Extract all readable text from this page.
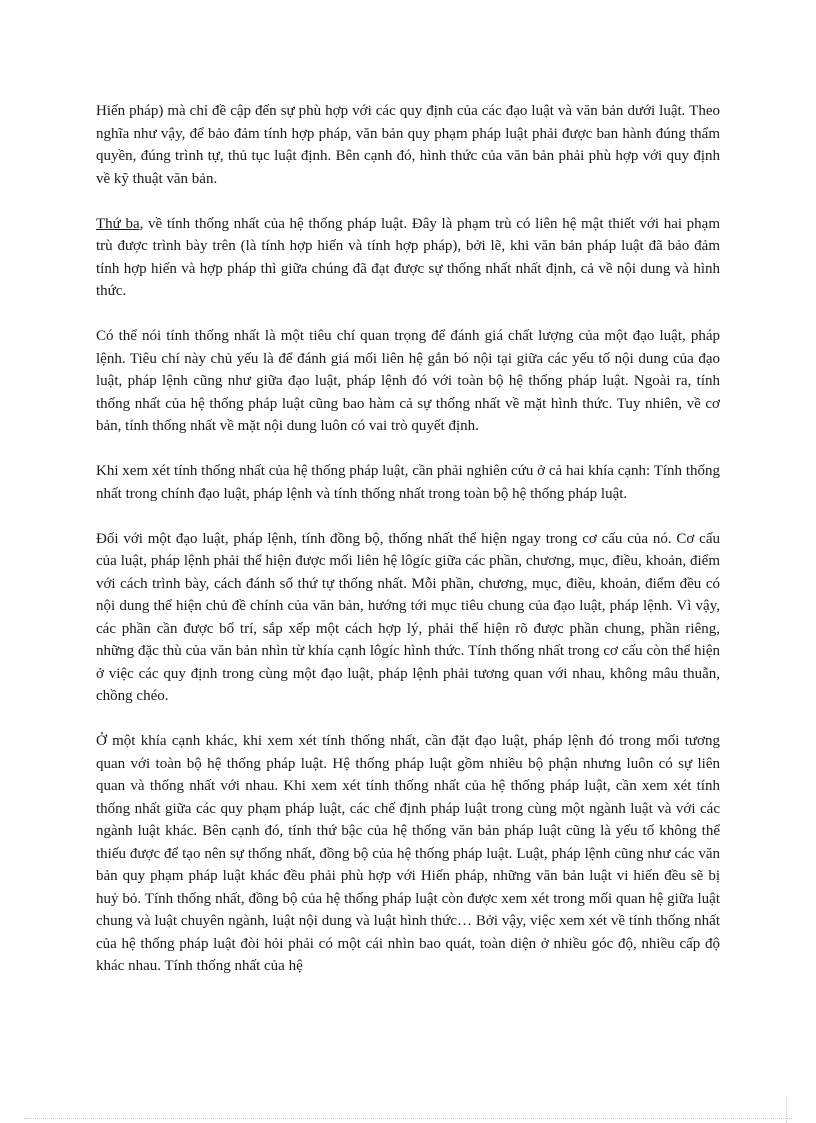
Hiến pháp) mà chỉ đề cập đến sự phù hợp với các quy định của các đạo luật và văn bản dưới luật. Theo nghĩa như vậy, để bảo đảm tính hợp pháp, văn bản quy phạm pháp luật phải được ban hành đúng thẩm quyền, đúng trình tự, thủ tục luật định. Bên cạnh đó, hình thức của văn bản phải phù hợp với quy định về kỹ thuật văn bản.

Thứ ba, về tính thống nhất của hệ thống pháp luật. Đây là phạm trù có liên hệ mật thiết với hai phạm trù được trình bày trên (là tính hợp hiến và tính hợp pháp), bởi lẽ, khi văn bản pháp luật đã bảo đảm tính hợp hiến và hợp pháp thì giữa chúng đã đạt được sự thống nhất nhất định, cả về nội dung và hình thức.

Có thể nói tính thống nhất là một tiêu chí quan trọng để đánh giá chất lượng của một đạo luật, pháp lệnh. Tiêu chí này chủ yếu là để đánh giá mối liên hệ gắn bó nội tại giữa các yếu tố nội dung của đạo luật, pháp lệnh cũng như giữa đạo luật, pháp lệnh đó với toàn bộ hệ thống pháp luật. Ngoài ra, tính thống nhất của hệ thống pháp luật cũng bao hàm cả sự thống nhất về mặt hình thức. Tuy nhiên, về cơ bản, tính thống nhất về mặt nội dung luôn có vai trò quyết định.

Khi xem xét tính thống nhất của hệ thống pháp luật, cần phải nghiên cứu ở cả hai khía cạnh: Tính thống nhất trong chính đạo luật, pháp lệnh và tính thống nhất trong toàn bộ hệ thống pháp luật.

Đối với một đạo luật, pháp lệnh, tính đồng bộ, thống nhất thể hiện ngay trong cơ cấu của nó. Cơ cấu của luật, pháp lệnh phải thể hiện được mối liên hệ lôgíc giữa các phần, chương, mục, điều, khoản, điểm với cách trình bày, cách đánh số thứ tự thống nhất. Mỗi phần, chương, mục, điều, khoản, điểm đều có nội dung thể hiện chủ đề chính của văn bản, hướng tới mục tiêu chung của đạo luật, pháp lệnh. Vì vậy, các phần cần được bố trí, sắp xếp một cách hợp lý, phải thể hiện rõ được phần chung, phần riêng, những đặc thù của văn bản nhìn từ khía cạnh lôgíc hình thức. Tính thống nhất trong cơ cấu còn thể hiện ở việc các quy định trong cùng một đạo luật, pháp lệnh phải tương quan với nhau, không mâu thuẫn, chồng chéo.

Ở một khía cạnh khác, khi xem xét tính thống nhất, cần đặt đạo luật, pháp lệnh đó trong mối tương quan với toàn bộ hệ thống pháp luật. Hệ thống pháp luật gồm nhiều bộ phận nhưng luôn có sự liên quan và thống nhất với nhau. Khi xem xét tính thống nhất của hệ thống pháp luật, cần xem xét tính thống nhất giữa các quy phạm pháp luật, các chế định pháp luật trong cùng một ngành luật và với các ngành luật khác. Bên cạnh đó, tính thứ bậc của hệ thống văn bản pháp luật cũng là yếu tố không thể thiếu được để tạo nên sự thống nhất, đồng bộ của hệ thống pháp luật. Luật, pháp lệnh cũng như các văn bản quy phạm pháp luật khác đều phải phù hợp với Hiến pháp, những văn bản luật vi hiến đều sẽ bị huỷ bỏ. Tính thống nhất, đồng bộ của hệ thống pháp luật còn được xem xét trong mối quan hệ giữa luật chung và luật chuyên ngành, luật nội dung và luật hình thức… Bởi vậy, việc xem xét về tính thống nhất của hệ thống pháp luật đòi hỏi phải có một cái nhìn bao quát, toàn diện ở nhiều góc độ, nhiều cấp độ khác nhau. Tính thống nhất của hệ
